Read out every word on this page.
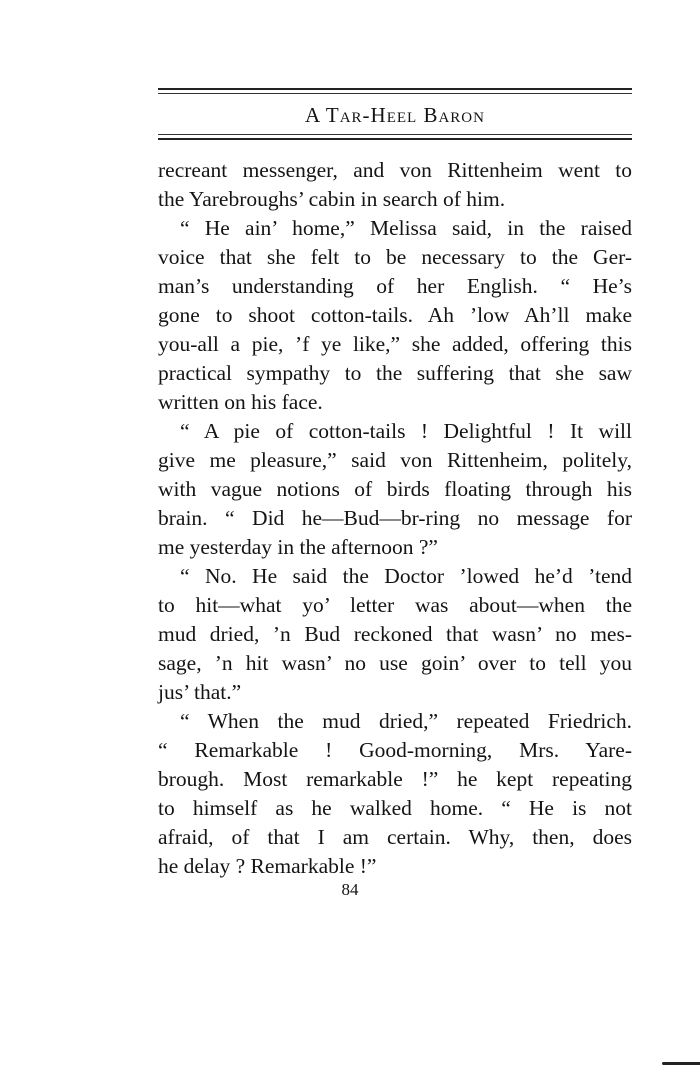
A Tar-Heel Baron
recreant messenger, and von Rittenheim went to
the Yarebroughs’ cabin in search of him.
“ He ain’ home,” Melissa said, in the raised
voice that she felt to be necessary to the Ger-
man’s understanding of her English. “ He’s
gone to shoot cotton-tails. Ah ’low Ah’ll make
you-all a pie, ’f ye like,” she added, offering this
practical sympathy to the suffering that she saw
written on his face.
“ A pie of cotton-tails ! Delightful ! It will
give me pleasure,” said von Rittenheim, politely,
with vague notions of birds floating through his
brain. “ Did he—Bud—br-ring no message for
me yesterday in the afternoon ?”
“ No. He said the Doctor ’lowed he’d ’tend
to hit—what yo’ letter was about—when the
mud dried, ’n Bud reckoned that wasn’ no mes-
sage, ’n hit wasn’ no use goin’ over to tell you
jus’ that.”
“ When the mud dried,” repeated Friedrich.
“ Remarkable ! Good-morning, Mrs. Yare-
brough. Most remarkable !” he kept repeating
to himself as he walked home. “ He is not
afraid, of that I am certain. Why, then, does
he delay ? Remarkable !”
84
